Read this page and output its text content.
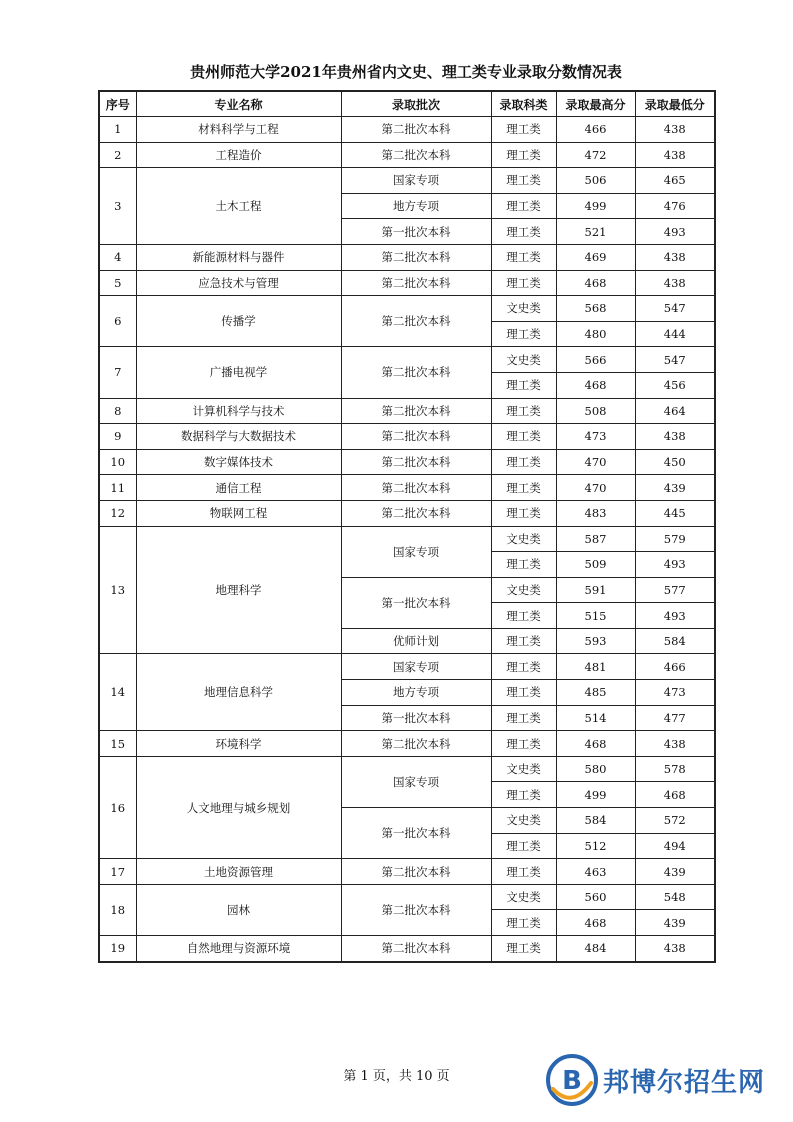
贵州师范大学2021年贵州省内文史、理工类专业录取分数情况表
序号	专业名称	录取批次	录取科类	录取最高分	录取最低分
1	材料科学与工程	第二批次本科	理工类	466	438
2	工程造价	第二批次本科	理工类	472	438
3	土木工程	国家专项	理工类	506	465
		地方专项	理工类	499	476
		第一批次本科	理工类	521	493
4	新能源材料与器件	第二批次本科	理工类	469	438
5	应急技术与管理	第二批次本科	理工类	468	438
6	传播学	第二批次本科	文史类	568	547
			理工类	480	444
7	广播电视学	第二批次本科	文史类	566	547
			理工类	468	456
8	计算机科学与技术	第二批次本科	理工类	508	464
9	数据科学与大数据技术	第二批次本科	理工类	473	438
10	数字媒体技术	第二批次本科	理工类	470	450
11	通信工程	第二批次本科	理工类	470	439
12	物联网工程	第二批次本科	理工类	483	445
13	地理科学	国家专项	文史类	587	579
			理工类	509	493
		第一批次本科	文史类	591	577
			理工类	515	493
		优师计划	理工类	593	584
14	地理信息科学	国家专项	理工类	481	466
		地方专项	理工类	485	473
		第一批次本科	理工类	514	477
15	环境科学	第二批次本科	理工类	468	438
16	人文地理与城乡规划	国家专项	文史类	580	578
			理工类	499	468
		第一批次本科	文史类	584	572
			理工类	512	494
17	土地资源管理	第二批次本科	理工类	463	439
18	园林	第二批次本科	文史类	560	548
			理工类	468	439
19	自然地理与资源环境	第二批次本科	理工类	484	438
第 1 页，共 10 页	B 邦博尔招生网
